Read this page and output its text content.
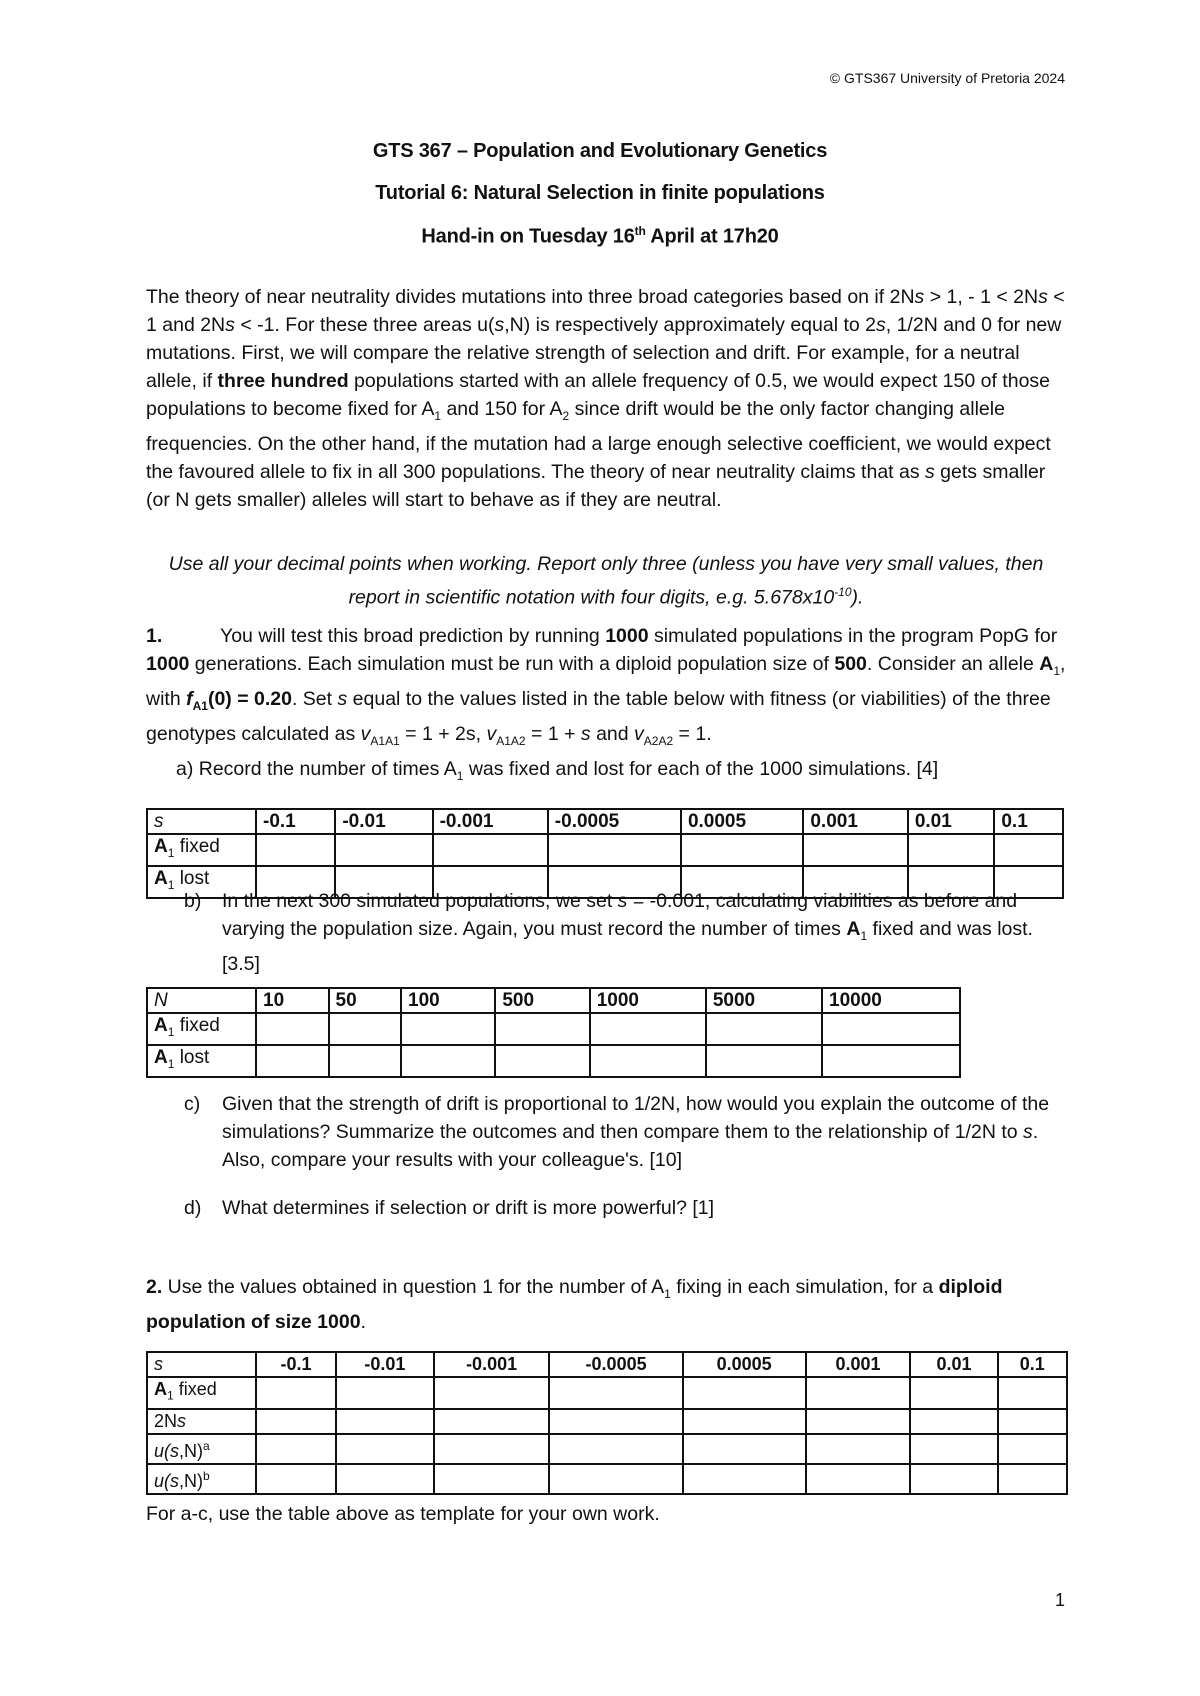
© GTS367 University of Pretoria 2024
GTS 367 – Population and Evolutionary Genetics
Tutorial 6: Natural Selection in finite populations
Hand-in on Tuesday 16th April at 17h20

The theory of near neutrality divides mutations into three broad categories based on if 2Ns > 1, - 1 < 2Ns < 1 and 2Ns < -1. For these three areas u(s,N) is respectively approximately equal to 2s, 1/2N and 0 for new mutations. First, we will compare the relative strength of selection and drift. For example, for a neutral allele, if three hundred populations started with an allele frequency of 0.5, we would expect 150 of those populations to become fixed for $A_1$ and 150 for $A_2$ since drift would be the only factor changing allele frequencies. On the other hand, if the mutation had a large enough selective coefficient, we would expect the favoured allele to fix in all 300 populations. The theory of near neutrality claims that as s gets smaller (or N gets smaller) alleles will start to behave as if they are neutral.

Use all your decimal points when working. Report only three (unless you have very small values, then report in scientific notation with four digits, e.g. $5.678x10^{-10}$).

1.	You will test this broad prediction by running 1000 simulated populations in the program PopG for 1000 generations. Each simulation must be run with a diploid population size of 500. Consider an allele $A_1$, with $f_{A1}(0) = 0.20$. Set s equal to the values listed in the table below with fitness (or viabilities) of the three genotypes calculated as $v_{A1A1} = 1 + 2s$, $v_{A1A2} = 1 + s$ and $v_{A2A2} = 1$.

a) Record the number of times $A_1$ was fixed and lost for each of the 1000 simulations. [4]

s	-0.1	-0.01	-0.001	-0.0005	0.0005	0.001	0.01	0.1
$A_1$ fixed								
$A_1$ lost								
b)	In the next 300 simulated populations, we set s = -0.001, calculating viabilities as before and varying the population size. Again, you must record the number of times $A_1$ fixed and was lost. [3.5]
N	10	50	100	500	1000	5000	10000
$A_1$ fixed							
$A_1$ lost							
c)	Given that the strength of drift is proportional to 1/2N, how would you explain the outcome of the simulations? Summarize the outcomes and then compare them to the relationship of 1/2N to s. Also, compare your results with your colleague's. [10]
d)	What determines if selection or drift is more powerful? [1]

2. Use the values obtained in question 1 for the number of $A_1$ fixing in each simulation, for a diploid population of size 1000.

s	-0.1	-0.01	-0.001	-0.0005	0.0005	0.001	0.01	0.1
$A_1$ fixed								
2Ns								
$u(s,N)^a$								
$u(s,N)^b$								
For a-c, use the table above as template for your own work.
1
